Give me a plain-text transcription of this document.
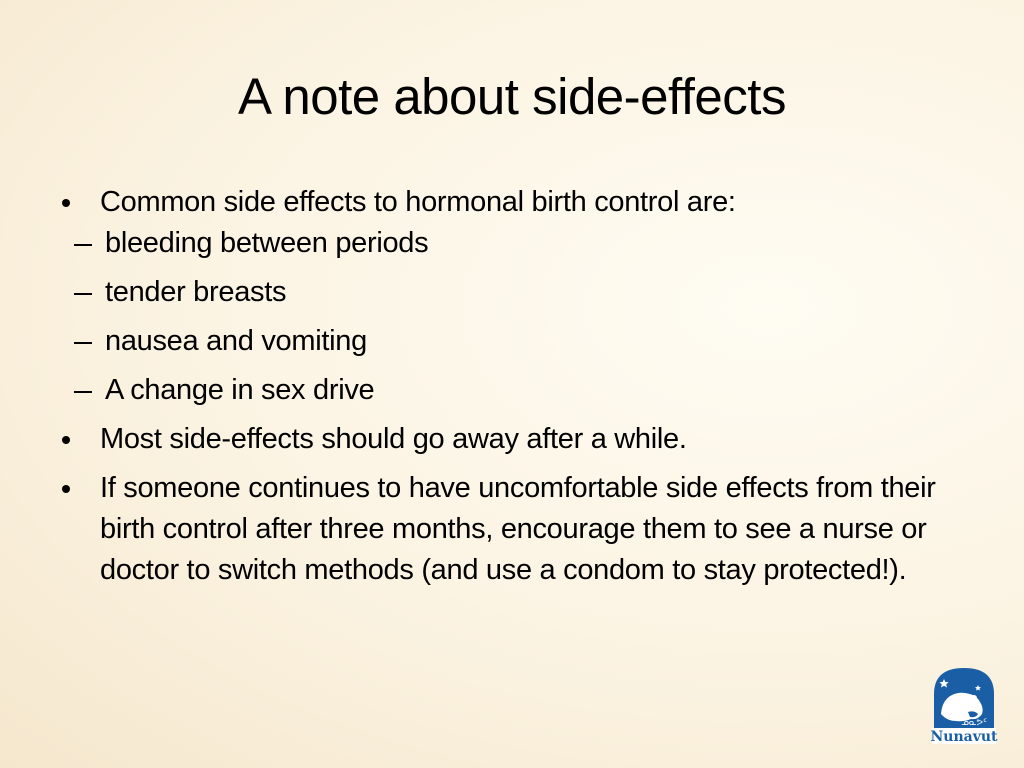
A note about side-effects
Common side effects to hormonal birth control are:
bleeding between periods
tender breasts
nausea and vomiting
A change in sex drive
Most side-effects should go away after a while.
If someone continues to have uncomfortable side effects from their birth control after three months, encourage them to see a nurse or doctor to switch methods (and use a condom to stay protected!).
ᓄᓇᕗᑦ
Nunavut
